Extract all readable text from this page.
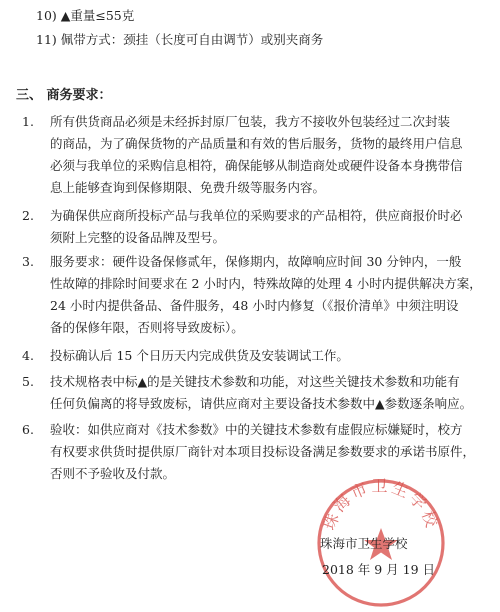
10) ▲重量≤55克
11) 佩带方式：颈挂（长度可自由调节）或别夹商务
三、 商务要求：
1. 所有供货商品必须是未经拆封原厂包装，我方不接收外包装经过二次封装
的商品，为了确保货物的产品质量和有效的售后服务，货物的最终用户信息
必须与我单位的采购信息相符，确保能够从制造商处或硬件设备本身携带信
息上能够查询到保修期限、免费升级等服务内容。
2. 为确保供应商所投标产品与我单位的采购要求的产品相符，供应商报价时必
须附上完整的设备品牌及型号。
3. 服务要求：硬件设备保修贰年，保修期内，故障响应时间 30 分钟内，一般
性故障的排除时间要求在 2 小时内，特殊故障的处理 4 小时内提供解决方案，
24 小时内提供备品、备件服务，48 小时内修复（《报价清单》中须注明设
备的保修年限，否则将导致废标）。
4. 投标确认后 15 个日历天内完成供货及安装调试工作。
5. 技术规格表中标▲的是关键技术参数和功能，对这些关键技术参数和功能有
任何负偏离的将导致废标，请供应商对主要设备技术参数中▲参数逐条响应。
6. 验收：如供应商对《技术参数》中的关键技术参数有虚假应标嫌疑时，校方
有权要求供货时提供原厂商针对本项目投标设备满足参数要求的承诺书原件，
否则不予验收及付款。
珠海市卫生学校
珠海市卫生学校
2018 年 9 月 19 日
